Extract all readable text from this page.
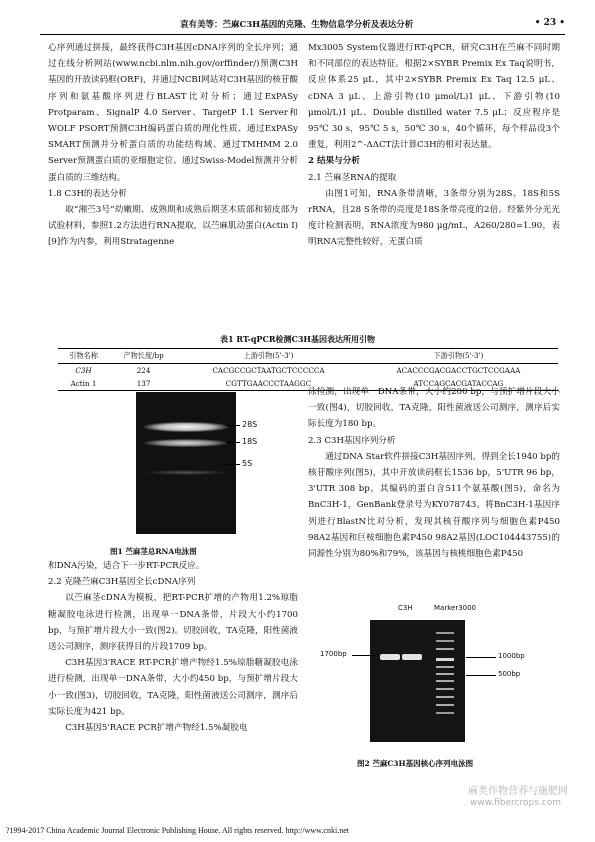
袁有美等：苎麻C3H基因的克隆、生物信息学分析及表达分析	• 23 •

心序列通过拼接，最终获得C3H基因cDNA序列的全长序列；通过在线分析网站(www.ncbi.nlm.nih.gov/orffinder/)预测C3H基因的开放读码框(ORF)，并通过NCBI网站对C3H基因的核苷酸序列和氨基酸序列进行BLAST比对分析；通过ExPASy Protparam、SignalP 4.0 Server、TargetP 1.1 Server和WOLF PSORT预测C3H编码蛋白质的理化性质、通过ExPASy SMART预测并分析蛋白质的功能结构域、通过TMHMM 2.0 Server预测蛋白质的亚细胞定位、通过Swiss-Model预测并分析蛋白质的三维结构。

1.8 C3H的表达分析

取“湘苎3号”幼嫩期、成熟期和成熟后期茎木质部和韧皮部为试验材料，参照1.2方法进行RNA提取，以苎麻肌动蛋白(Actin I)[9]作为内参，利用Stratagenne

Mx3005 System仪器进行RT-qPCR，研究C3H在苎麻不同时期和不同部位的表达特征。根据2×SYBR Premix Ex Taq说明书，反应体系25 μL，其中2×SYBR Premix Ex Taq 12.5 μL、cDNA 3 μL、上游引物(10 μmol/L)1 μL、下游引物(10 μmol/L)1 μL、Double distilled water 7.5 μL；反应程序是95℃ 30 s，95℃ 5 s，50℃ 30 s，40个循环，每个样品设3个重复，利用2^-ΔΔCT法计算C3H的相对表达量。

2 结果与分析
2.1 苎麻茎RNA的提取

由图1可知，RNA条带清晰，3条带分别为28S、18S和5S rRNA，且28 S条带的亮度是18S条带亮度的2倍。经紫外分光光度计检测表明，RNA浓度为980 μg/mL，A260/280=1.90，表明RNA完整性较好，无蛋白质

表1 RT-qPCR检测C3H基因表达所用引物
引物名称	产物长度/bp	上游引物(5'-3')	下游引物(5'-3')
C3H	224	CACGCCGCTAATGCTCCCCCA	ACACCCGACGACCTGCTCCGAAA
Actin 1	137	CGTTGAACCCTAAGGC	ATCCAGCACGATACCAG
28S
18S
5S
图1 苎麻茎总RNA电泳图

和DNA污染，适合下一步RT-PCR反应。

2.2 克隆苎麻C3H基因全长cDNA序列

以苎麻茎cDNA为模板，把RT-PCR扩增的产物用1.2%琼脂糖凝胶电泳进行检测，出现单一DNA条带，片段大小约1700 bp，与预扩增片段大小一致(图2)。切胶回收，TA克隆，阳性菌液送公司测序，测序获得目的片段1709 bp。

C3H基因3'RACE RT-PCR扩增产物经1.5%琼脂糖凝胶电泳进行检测，出现单一DNA条带，大小约450 bp，与预扩增片段大小一致(图3)，切胶回收，TA克隆，阳性菌液送公司测序，测序后实际长度为421 bp。

C3H基因5'RACE PCR扩增产物经1.5%凝胶电

泳检测，出现单一DNA条带，大小约200 bp，与预扩增片段大小一致(图4)，切胶回收，TA克隆，阳性菌液送公司测序，测序后实际长度为180 bp。

2.3 C3H基因序列分析

通过DNA Star软件拼接C3H基因序列，得到全长1940 bp的核苷酸序列(图5)，其中开放读码框长1536 bp，5'UTR 96 bp，3'UTR 308 bp，其编码的蛋白含511个氨基酸(图5)，命名为BnC3H-1，GenBank登录号为KY078743。将BnC3H-1基因序列进行BlastN比对分析，发现其核苷酸序列与细胞色素P450 98A2基因和巨桉细胞色素P450 98A2基因(LOC104443755)的同源性分别为80%和79%，该基因与核桃细胞色素P450

C3H	Marker3000
1700bp	1000bp
500bp
图2 苎麻C3H基因核心序列电泳图
麻类作物营养与施肥网
www.fibercrops.com
?1994-2017 China Academic Journal Electronic Publishing House. All rights reserved. http://www.cnki.net
